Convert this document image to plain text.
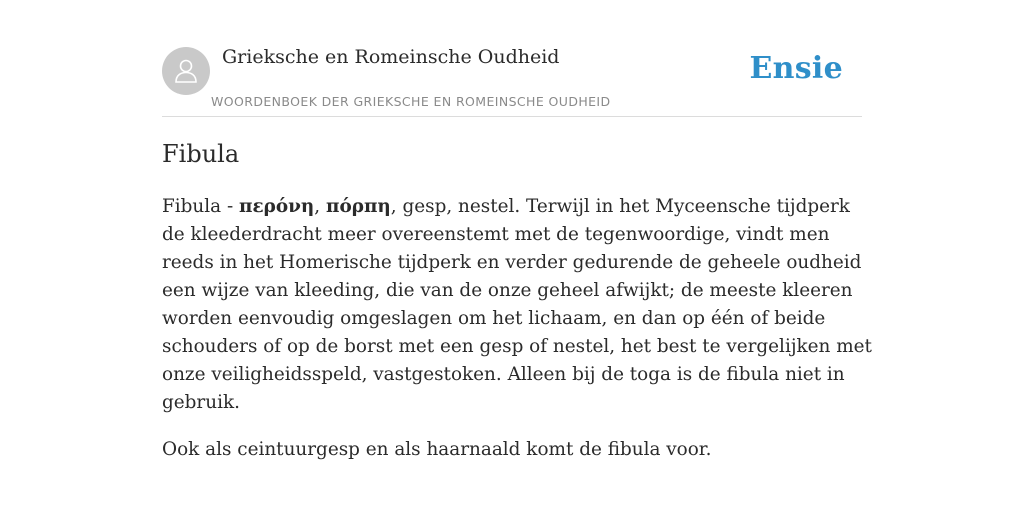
Grieksche en Romeinsche Oudheid
WOORDENBOEK DER GRIEKSCHE EN ROMEINSCHE OUDHEID
Ensie
Fibula

Fibula - περόνη, πόρπη, gesp, nestel. Terwijl in het Myceensche tijdperk de kleederdracht meer overeenstemt met de tegenwoordige, vindt men reeds in het Homerische tijdperk en verder gedurende de geheele oudheid een wijze van kleeding, die van de onze geheel afwijkt; de meeste kleeren worden eenvoudig omgeslagen om het lichaam, en dan op één of beide schouders of op de borst met een gesp of nestel, het best te vergelijken met onze veiligheidsspeld, vastgestoken. Alleen bij de toga is de fibula niet in gebruik.

Ook als ceintuurgesp en als haarnaald komt de fibula voor.
